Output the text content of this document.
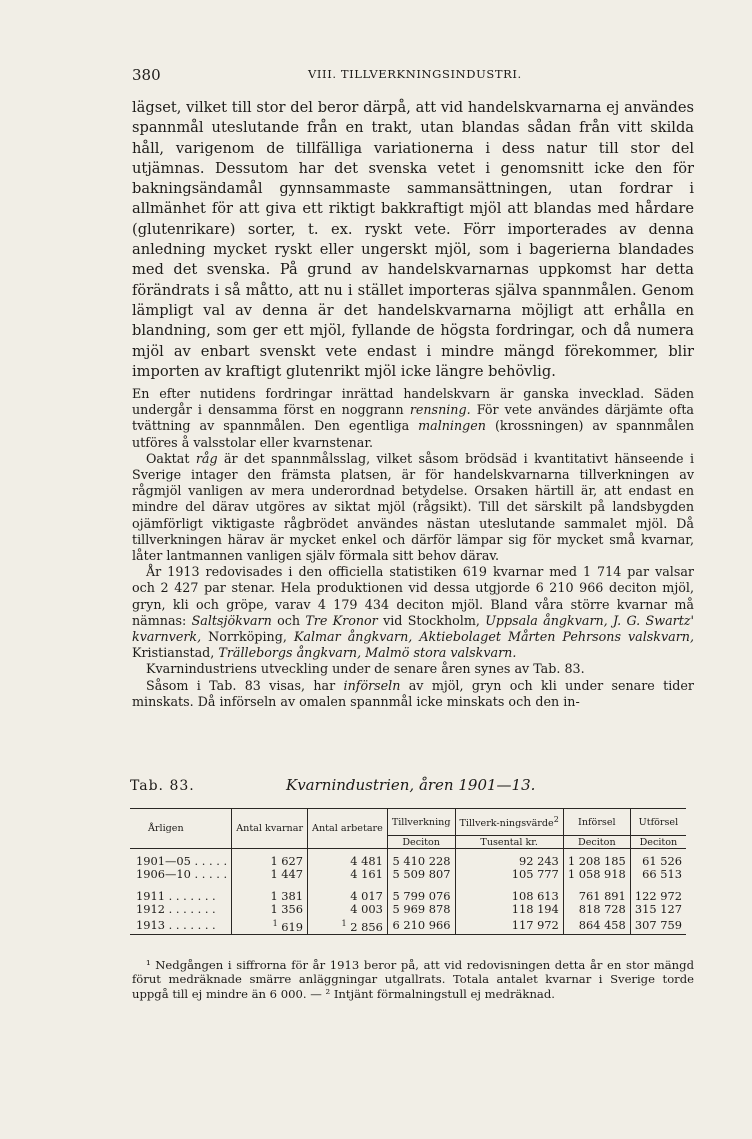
380	VIII. TILLVERKNINGSINDUSTRI.

lägset, vilket till stor del beror därpå, att vid handelskvarnarna ej användes spannmål uteslutande från en trakt, utan blandas sådan från vitt skilda håll, varigenom de tillfälliga variationerna i dess natur till stor del utjämnas. Dessutom har det svenska vetet i genomsnitt icke den för bakningsändamål gynnsammaste sammansättningen, utan fordrar i allmänhet för att giva ett riktigt bakkraftigt mjöl att blandas med hårdare (glutenrikare) sorter, t. ex. ryskt vete. Förr importerades av denna anledning mycket ryskt eller ungerskt mjöl, som i bagerierna blandades med det svenska. På grund av handelskvarnarnas uppkomst har detta förändrats i så måtto, att nu i stället importeras själva spannmålen. Genom lämpligt val av denna är det handelskvarnarna möjligt att erhålla en blandning, som ger ett mjöl, fyllande de högsta fordringar, och då numera mjöl av enbart svenskt vete endast i mindre mängd förekommer, blir importen av kraftigt glutenrikt mjöl icke längre behövlig.

En efter nutidens fordringar inrättad handelskvarn är ganska invecklad. Säden undergår i densamma först en noggrann rensning. För vete användes därjämte ofta tvättning av spannmålen. Den egentliga malningen (krossningen) av spannmålen utföres å valsstolar eller kvarnstenar.

Oaktat råg är det spannmålsslag, vilket såsom brödsäd i kvantitativt hänseende i Sverige intager den främsta platsen, är för handelskvarnarna tillverkningen av rågmjöl vanligen av mera underordnad betydelse. Orsaken härtill är, att endast en mindre del därav utgöres av siktat mjöl (rågsikt). Till det särskilt på landsbygden ojämförligt viktigaste rågbrödet användes nästan uteslutande sammalet mjöl. Då tillverkningen härav är mycket enkel och därför lämpar sig för mycket små kvarnar, låter lantmannen vanligen själv förmala sitt behov därav.

År 1913 redovisades i den officiella statistiken 619 kvarnar med 1 714 par valsar och 2 427 par stenar. Hela produktionen vid dessa utgjorde 6 210 966 deciton mjöl, gryn, kli och gröpe, varav 4 179 434 deciton mjöl. Bland våra större kvarnar må nämnas: Saltsjökvarn och Tre Kronor vid Stockholm, Uppsala ångkvarn, J. G. Swartz' kvarnverk, Norrköping, Kalmar ångkvarn, Aktiebolaget Mårten Pehrsons valskvarn, Kristianstad, Trälleborgs ångkvarn, Malmö stora valskvarn.

Kvarnindustriens utveckling under de senare åren synes av Tab. 83.

Såsom i Tab. 83 visas, har införseln av mjöl, gryn och kli under senare tider minskats. Då införseln av omalen spannmål icke minskats och den in-

Tab. 83.	Kvarnindustrien, åren 1901—13.
Årligen	Antal kvarnar	Antal arbetare	Tillverkning	Tillverk-ningsvärde$^2$	Införsel	Utförsel
			Deciton	Tusental kr.	Deciton	Deciton

1901—05 . . . . .	1 627	4 481	5 410 228	92 243	1 208 185	61 526
1906—10 . . . . .	1 447	4 161	5 509 807	105 777	1 058 918	66 513

1911 . . . . . . .	1 381	4 017	5 799 076	108 613	761 891	122 972
1912 . . . . . . .	1 356	4 003	5 969 878	118 194	818 728	315 127
1913 . . . . . . .	$^1$ 619	$^1$ 2 856	6 210 966	117 972	864 458	307 759

¹ Nedgången i siffrorna för år 1913 beror på, att vid redovisningen detta år en stor mängd förut medräknade smärre anläggningar utgallrats. Totala antalet kvarnar i Sverige torde uppgå till ej mindre än 6 000. — ² Intjänt förmalningstull ej medräknad.
